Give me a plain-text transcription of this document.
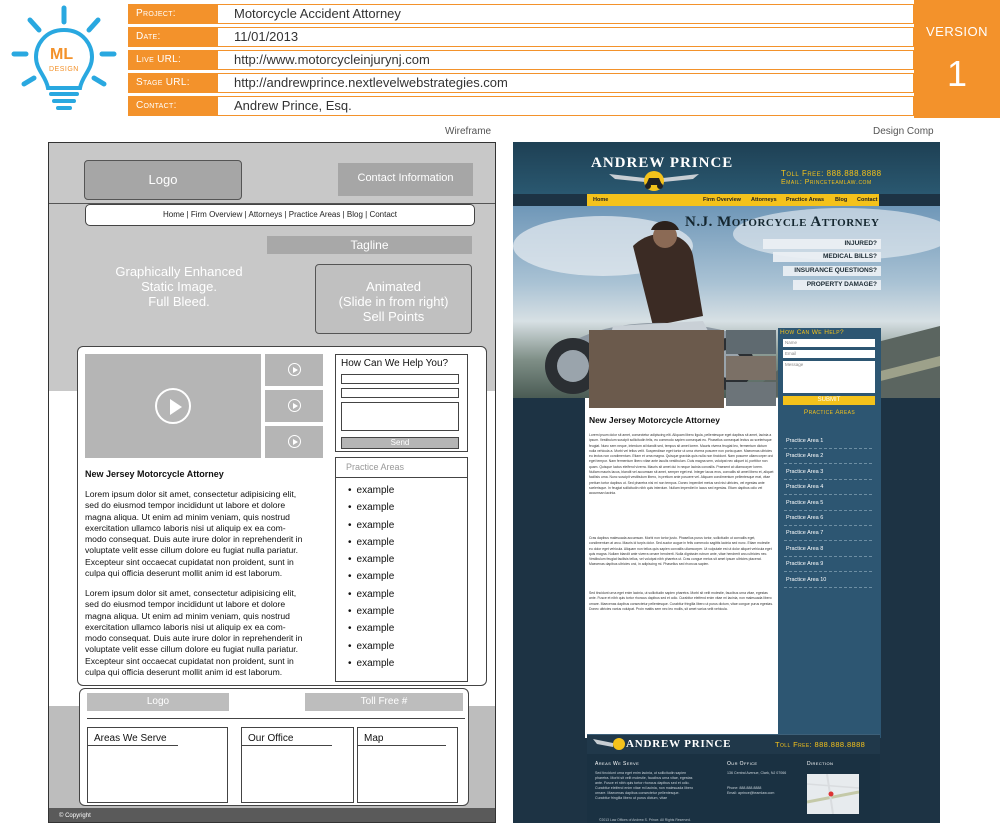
ML
DESIGN
Project:	Motorcycle Accident Attorney
Date:	11/01/2013
Live URL:	http://www.motorcycleinjurynj.com
Stage URL:	http://andrewprince.nextlevelwebstrategies.com
Contact:	Andrew Prince, Esq.
VERSION
1
Wireframe	Design Comp
Logo	Contact Information
Home | Firm Overview | Attorneys | Practice Areas | Blog | Contact
Tagline
Graphically Enhanced
Static Image.
Full Bleed.
Animated
(Slide in from right)
Sell Points
How Can We Help You?
Send
Practice Areas
• example
• example
• example
• example
• example
• example
• example
• example
• example
• example
• example
New Jersey Motorcycle Attorney
Lorem ipsum dolor sit amet, consectetur adipisicing elit,
sed do eiusmod tempor incididunt ut labore et dolore
magna aliqua. Ut enim ad minim veniam, quis nostrud
exercitation ullamco laboris nisi ut aliquip ex ea com-
modo consequat. Duis aute irure dolor in reprehenderit in
voluptate velit esse cillum dolore eu fugiat nulla pariatur.
Excepteur sint occaecat cupidatat non proident, sunt in
culpa qui officia deserunt mollit anim id est laborum.
Lorem ipsum dolor sit amet, consectetur adipisicing elit,
sed do eiusmod tempor incididunt ut labore et dolore
magna aliqua. Ut enim ad minim veniam, quis nostrud
exercitation ullamco laboris nisi ut aliquip ex ea com-
modo consequat. Duis aute irure dolor in reprehenderit in
voluptate velit esse cillum dolore eu fugiat nulla pariatur.
Excepteur sint occaecat cupidatat non proident, sunt in
culpa qui officia deserunt mollit anim id est laborum.
Logo	Toll Free #
Areas We Serve	Our Office	Map
© Copyright
ANDREW PRINCE
Toll Free: 888.888.8888
Email: Princeteamlaw.com
Home	Firm Overview Attorneys Practice Areas Blog Contact
N.J. Motorcycle Attorney
INJURED?
MEDICAL BILLS?
INSURANCE QUESTIONS?
PROPERTY DAMAGE?
How Can We Help?
Name
Email
Message
SUBMIT
Practice Areas
Practice Area 1
Practice Area 2
Practice Area 3
Practice Area 4
Practice Area 5
Practice Area 6
Practice Area 7
Practice Area 8
Practice Area 9
Practice Area 10
New Jersey Motorcycle Attorney
Lorem ipsum dolor sit amet, consectetur adipiscing elit. Aliquam libero ligula, pellentesque eget dapibus sit amet, lacinia a ipsum. Vestibulum suscipit sollicitudin felis, eu commodo sapien consequat eu. Phasellus consequat lectus ac scelerisque feugiat. Nunc sem neque, interdum at blandit sed, tempus sit amet lorem. Mauris viverra feugiat leo, fermentum dictum nulla vehicula a. Morbi vel tellus velit. Suspendisse eget tortor ut urna viverra posuere non porta quam. Maecenas ultricies eu lectus non condimentum. Etiam et urna magna. Quisque gravida quis nulla non tincidunt. Nam posuere ullamcorper orci eget tempor. Nam fermentum libero vitae ante iaculis vestibulum. Duis magna sem, volutpat nec aliquet id, porttitor non quam. Quisque luctus eleifend viverra. Mauris sit amet dui in neque lacinia convallis. Praesent at ullamcorper lorem. Nullam mauris lacus, blandit vel accumsan sit amet, semper eget est. Integer lacus eros, convallis sit amet libero et, aliquet facilisis urna. Nunc suscipit vestibulum libero, in pretium ante posuere vel. Aliquam condimentum pellentesque erat, vitae pretium tortor dapibus ut. Sed pharetra nisi mi non tempus. Donec imperdiet metus sed nisi ultricies, vel egestas ante scelerisque. In feugiat sollicitudin nibh quis interdum. Nullam imperdiet in lacus sed egestas. Etiam dapibus odio vel accumsan lacinia.
Cras dapibus malesuada accumsan. Morbi non tortor justo. Phasellus purus tortor, sollicitudin ut convallis eget, condimentum at arcu. Mauris id turpis dolor. Sed auctor augue in felis commodo sagittis lacinia sed nunc. Etiam molestie eu dolor eget vehicula. Aliquam non tellus quis sapien convallis ullamcorper. Ut vulputate est ut dolor aliquet vehicula eget quis magna. Nullam blandit ante viverra ornare hendrerit. Nulla dignissim rutrum ante, vitae hendrerit arcu ultricies nec. Vestibulum feugiat facilisis tellus, vel volutpat nibh pharetra ut. Cras congue metus sit amet ipsum ultricies placerat. Maecenas dapibus ultricies orci, in adipiscing mi. Phasellus sed rhoncus sapien.
Sed tincidunt urna eget enim lacinia, ut sollicitudin sapien pharetra. Morbi sit velit molestie, faucibus urna vitae, egestas ante. Fusce et nibh quis tortor rhoncus dapibus sed et odio. Curabitur eleifend enim vitae mi lacinia, non malesuada libero ornare. Maecenas dapibus consectetur pellentesque. Curabitur fringilla libero ut purus dictum, vitae congue purus egestas. Donec ultricies varius volutpat. Proin mattis sem nec leo mollis, sit amet varius velit vehicula.
ANDREW PRINCE	Toll Free: 888.888.8888
Areas We Serve
Sed tincidunt urna eget enim lacinia, ut sollicitudin sapien pharetra. Morbi sit velit molestie, faucibus urna vitae, egestas ante. Fusce et nibh quis tortor rhoncus dapibus sed et odio. Curabitur eleifend enim vitae mi lacinia, non malesuada libero ornare. Maecenas dapibus consectetur pellentesque. Curabitur fringilla libero ut purus dictum, vitae
Our Office
136 Central Avenue, Clark, NJ 07066
Phone: 888.888.8888
Email: aprince@teamlaw.com
Direction
©2013 Law Offices of Andrew S. Prince. All Rights Reserved.
